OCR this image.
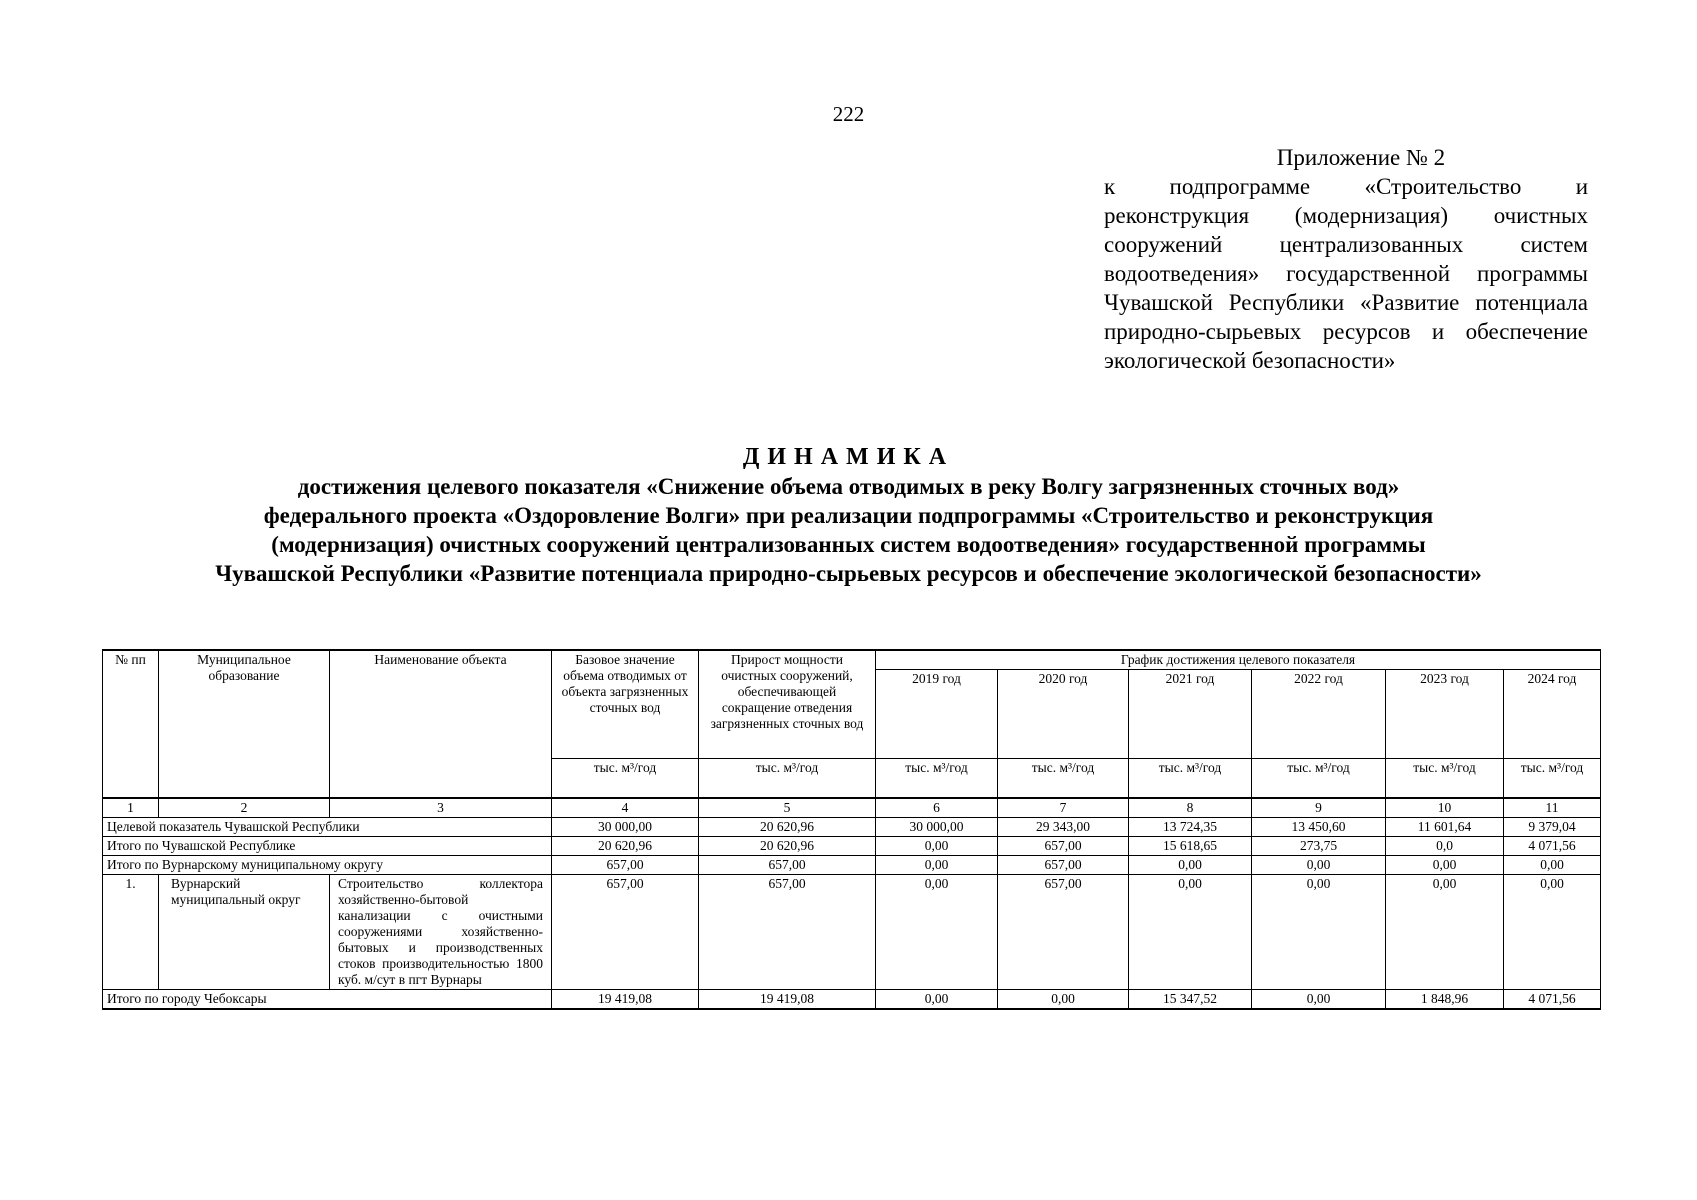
222
Приложение № 2
к подпрограмме «Строительство и реконструкция (модернизация) очистных сооружений централизованных систем водоотведения» государственной программы Чувашской Республики «Развитие потенциала природно-сырьевых ресурсов и обеспечение экологической безопасности»
ДИНАМИКА
достижения целевого показателя «Снижение объема отводимых в реку Волгу загрязненных сточных вод»
федерального проекта «Оздоровление Волги» при реализации подпрограммы «Строительство и реконструкция
(модернизация) очистных сооружений централизованных систем водоотведения» государственной программы
Чувашской Республики «Развитие потенциала природно-сырьевых ресурсов и обеспечение экологической безопасности»
№ пп	Муниципальное образование	Наименование объекта	Базовое значение объема отводимых от объекта загрязненных сточных вод	Прирост мощности очистных сооружений, обеспечивающей сокращение отведения загрязненных сточных вод	График достижения целевого показателя					
					2019 год	2020 год	2021 год	2022 год	2023 год	2024 год
			тыс. м³/год	тыс. м³/год	тыс. м³/год	тыс. м³/год	тыс. м³/год	тыс. м³/год	тыс. м³/год	тыс. м³/год
1	2	3	4	5	6	7	8	9	10	11
Целевой показатель Чувашской Республики			30 000,00	20 620,96	30 000,00	29 343,00	13 724,35	13 450,60	11 601,64	9 379,04
Итого по Чувашской Республике			20 620,96	20 620,96	0,00	657,00	15 618,65	273,75	0,0	4 071,56
Итого по Вурнарскому муниципальному округу			657,00	657,00	0,00	657,00	0,00	0,00	0,00	0,00
1.	Вурнарский муниципальный округ	Строительство коллектора хозяйственно-бытовой канализации с очистными сооружениями хозяйственно-бытовых и производственных стоков производительностью 1800 куб. м/сут в пгт Вурнары	657,00	657,00	0,00	657,00	0,00	0,00	0,00	0,00
Итого по городу Чебоксары			19 419,08	19 419,08	0,00	0,00	15 347,52	0,00	1 848,96	4 071,56
